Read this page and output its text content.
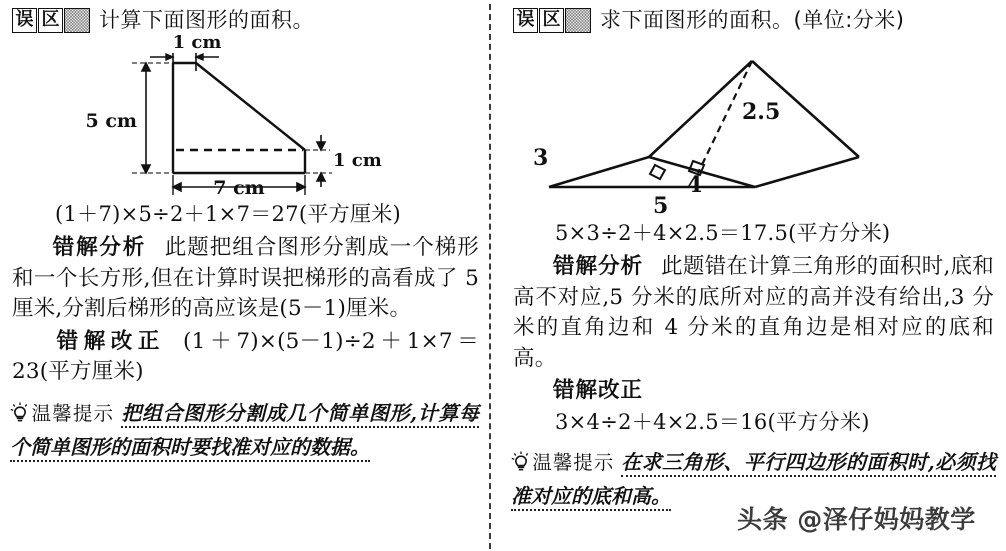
误 区 计算下面图形的面积。
1 cm
5 cm
7 cm
1 cm
(1＋7)×5÷2＋1×7＝27(平方厘米)
错解分析 此题把组合图形分割成一个梯形和一个长方形,但在计算时误把梯形的高看成了 5 厘米,分割后梯形的高应该是(5－1)厘米。
错解改正 (1＋7)×(5－1)÷2＋1×7＝23(平方厘米)
温馨提示 把组合图形分割成几个简单图形,计算每个简单图形的面积时要找准对应的数据。
误 区 求下面图形的面积。(单位:分米)
3
4
2.5
5
5×3÷2＋4×2.5＝17.5(平方分米)
错解分析 此题错在计算三角形的面积时,底和高不对应,5 分米的底所对应的高并没有给出,3 分米的直角边和 4 分米的直角边是相对应的底和高。
错解改正
3×4÷2＋4×2.5＝16(平方分米)
温馨提示 在求三角形、平行四边形的面积时,必须找准对应的底和高。
头条 @泽仔妈妈教学
